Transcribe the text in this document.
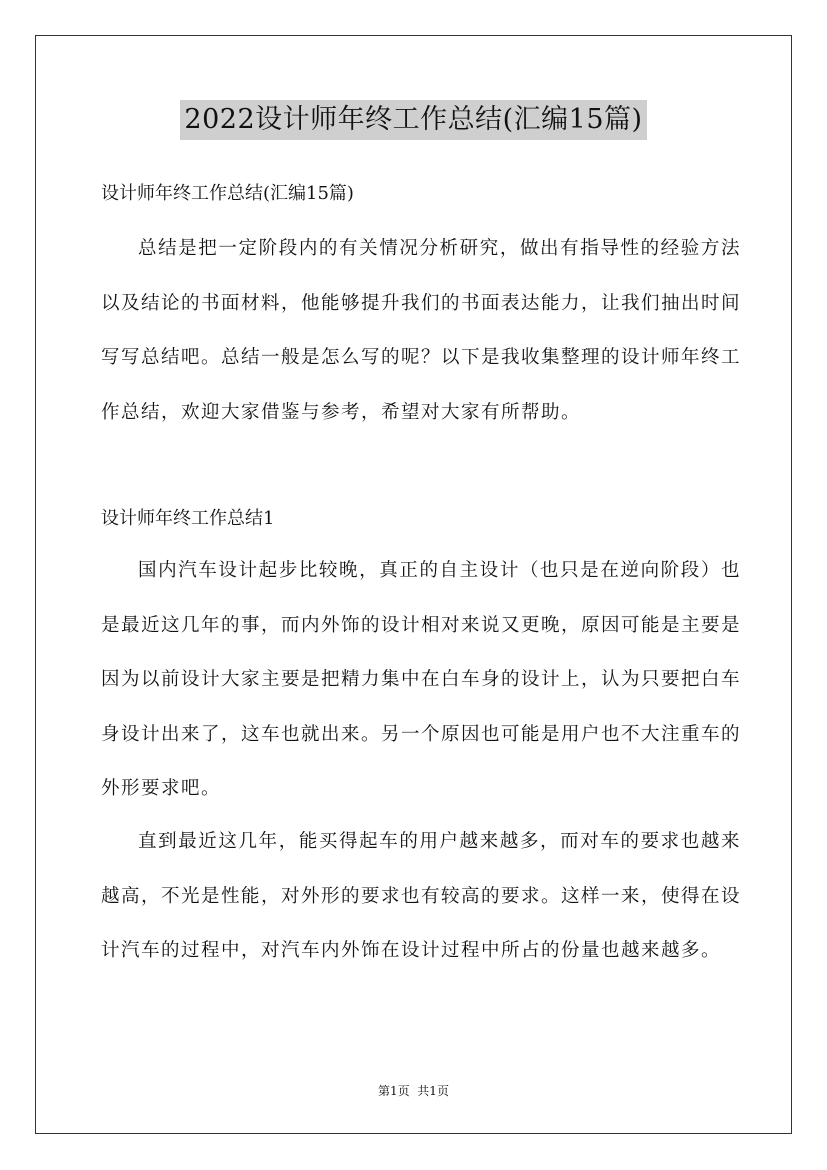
2022设计师年终工作总结(汇编15篇)
设计师年终工作总结(汇编15篇)

总结是把一定阶段内的有关情况分析研究，做出有指导性的经验方法以及结论的书面材料，他能够提升我们的书面表达能力，让我们抽出时间写写总结吧。总结一般是怎么写的呢？以下是我收集整理的设计师年终工作总结，欢迎大家借鉴与参考，希望对大家有所帮助。

设计师年终工作总结1

国内汽车设计起步比较晚，真正的自主设计（也只是在逆向阶段）也是最近这几年的事，而内外饰的设计相对来说又更晚，原因可能是主要是因为以前设计大家主要是把精力集中在白车身的设计上，认为只要把白车身设计出来了，这车也就出来。另一个原因也可能是用户也不大注重车的外形要求吧。

直到最近这几年，能买得起车的用户越来越多，而对车的要求也越来越高，不光是性能，对外形的要求也有较高的要求。这样一来，使得在设计汽车的过程中，对汽车内外饰在设计过程中所占的份量也越来越多。

第1页  共1页
